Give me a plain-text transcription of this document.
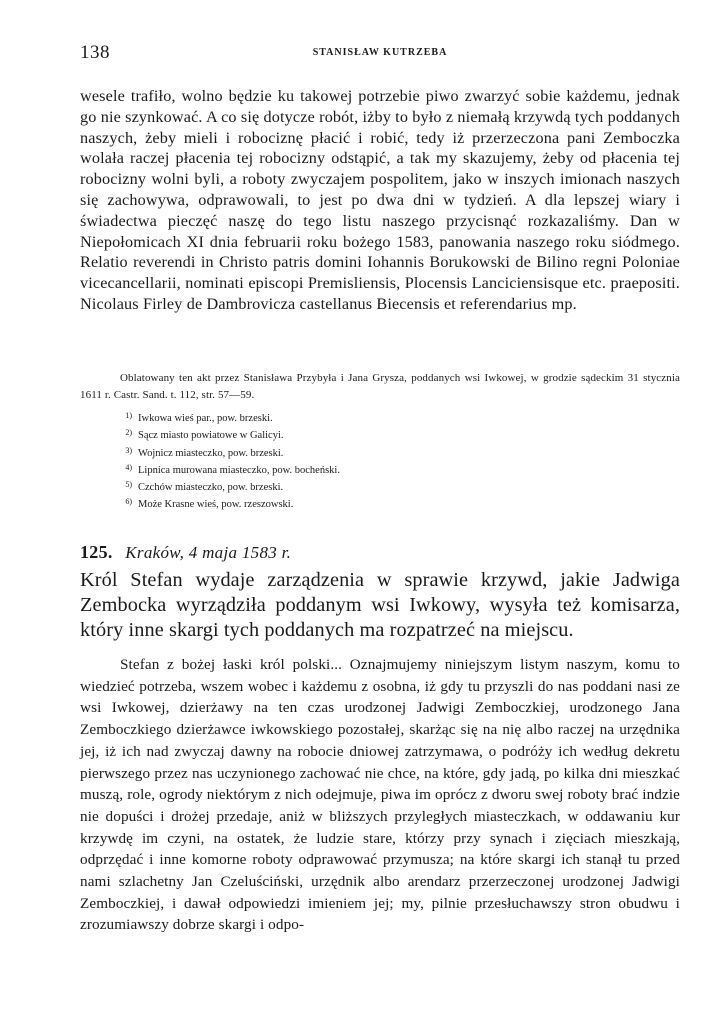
138	STANISŁAW KUTRZEBA
wesele trafiło, wolno będzie ku takowej potrzebie piwo zwarzyć sobie każdemu, jednak go nie szynkować. A co się dotycze robót, iżby to było z niemałą krzywdą tych poddanych naszych, żeby mieli i robociznę płacić i robić, tedy iż przerzeczona pani Zemboczka wolała raczej płacenia tej robocizny odstąpić, a tak my skazujemy, żeby od płacenia tej robocizny wolni byli, a roboty zwyczajem pospolitem, jako w inszych imionach naszych się zachowywa, odprawowali, to jest po dwa dni w tydzień. A dla lepszej wiary i świadectwa pieczęć naszę do tego listu naszego przycisnąć rozkazaliśmy. Dan w Niepołomicach XI dnia februarii roku bożego 1583, panowania naszego roku siódmego. Relatio reverendi in Christo patris domini Iohannis Borukowski de Bilino regni Poloniae vicecancellarii, nominati episcopi Premisliensis, Plocensis Lanciciensisque etc. praepositi. Nicolaus Firley de Dambrovicza castellanus Biecensis et referendarius mp.
Oblatowany ten akt przez Stanisława Przybyła i Jana Grysza, poddanych wsi Iwkowej, w grodzie sądeckim 31 stycznia 1611 r. Castr. Sand. t. 112, str. 57—59.
1) Iwkowa wieś par., pow. brzeski.
2) Sącz miasto powiatowe w Galicyi.
3) Wojnicz miasteczko, pow. brzeski.
4) Lipnica murowana miasteczko, pow. bocheński.
5) Czchów miasteczko, pow. brzeski.
6) Może Krasne wieś, pow. rzeszowski.
125. Kraków, 4 maja 1583 r.
Król Stefan wydaje zarządzenia w sprawie krzywd, jakie Jadwiga Zembocka wyrządziła poddanym wsi Iwkowy, wysyła też komisarza, który inne skargi tych poddanych ma rozpatrzeć na miejscu.
Stefan z bożej łaski król polski... Oznajmujemy niniejszym listym naszym, komu to wiedzieć potrzeba, wszem wobec i każdemu z osobna, iż gdy tu przyszli do nas poddani nasi ze wsi Iwkowej, dzierżawy na ten czas urodzonej Jadwigi Zemboczkiej, urodzonego Jana Zemboczkiego dzierżawce iwkowskiego pozostałej, skarżąc się na nię albo raczej na urzędnika jej, iż ich nad zwyczaj dawny na robocie dniowej zatrzymawa, o podróży ich według dekretu pierwszego przez nas uczynionego zachować nie chce, na które, gdy jadą, po kilka dni mieszkać muszą, role, ogrody niektórym z nich odejmuje, piwa im oprócz z dworu swej roboty brać indzie nie dopuści i drożej przedaje, aniż w bliższych przyległych miasteczkach, w oddawaniu kur krzywdę im czyni, na ostatek, że ludzie stare, którzy przy synach i zięciach mieszkają, odprzędać i inne komorne roboty odprawować przymusza; na które skargi ich stanął tu przed nami szlachetny Jan Czeluściński, urzędnik albo arendarz przerzeczonej urodzonej Jadwigi Zemboczkiej, i dawał odpowiedzi imieniem jej; my, pilnie przesłuchawszy stron obudwu i zrozumiawszy dobrze skargi i odpo-
